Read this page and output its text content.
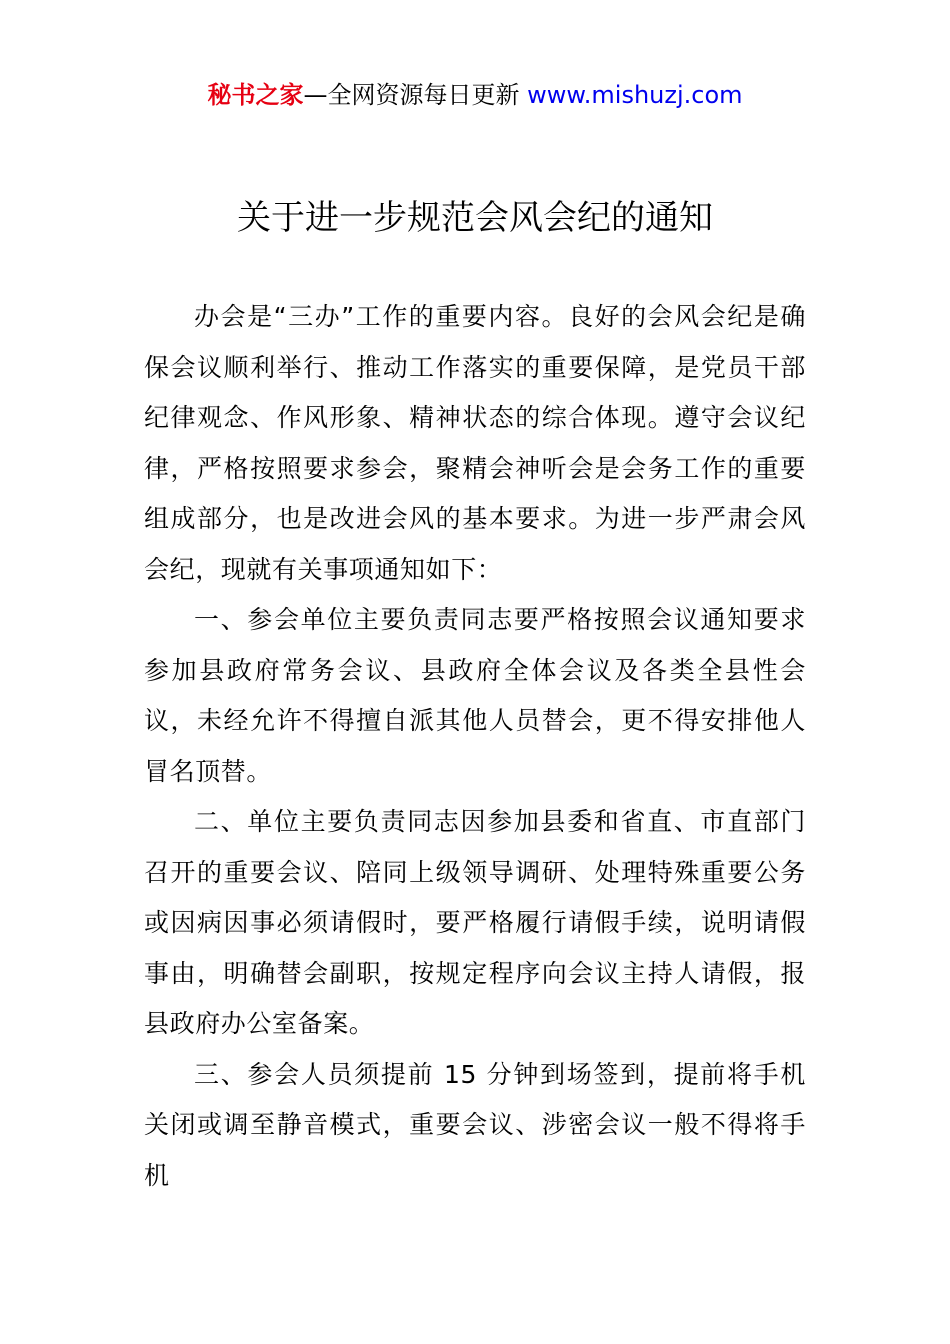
秘书之家—全网资源每日更新 www.mishuzj.com
关于进一步规范会风会纪的通知

办会是“三办”工作的重要内容。良好的会风会纪是确保会议顺利举行、推动工作落实的重要保障，是党员干部纪律观念、作风形象、精神状态的综合体现。遵守会议纪律，严格按照要求参会，聚精会神听会是会务工作的重要组成部分，也是改进会风的基本要求。为进一步严肃会风会纪，现就有关事项通知如下：

一、参会单位主要负责同志要严格按照会议通知要求参加县政府常务会议、县政府全体会议及各类全县性会议，未经允许不得擅自派其他人员替会，更不得安排他人冒名顶替。

二、单位主要负责同志因参加县委和省直、市直部门召开的重要会议、陪同上级领导调研、处理特殊重要公务或因病因事必须请假时，要严格履行请假手续，说明请假事由，明确替会副职，按规定程序向会议主持人请假，报县政府办公室备案。

三、参会人员须提前 15 分钟到场签到，提前将手机关闭或调至静音模式，重要会议、涉密会议一般不得将手机
